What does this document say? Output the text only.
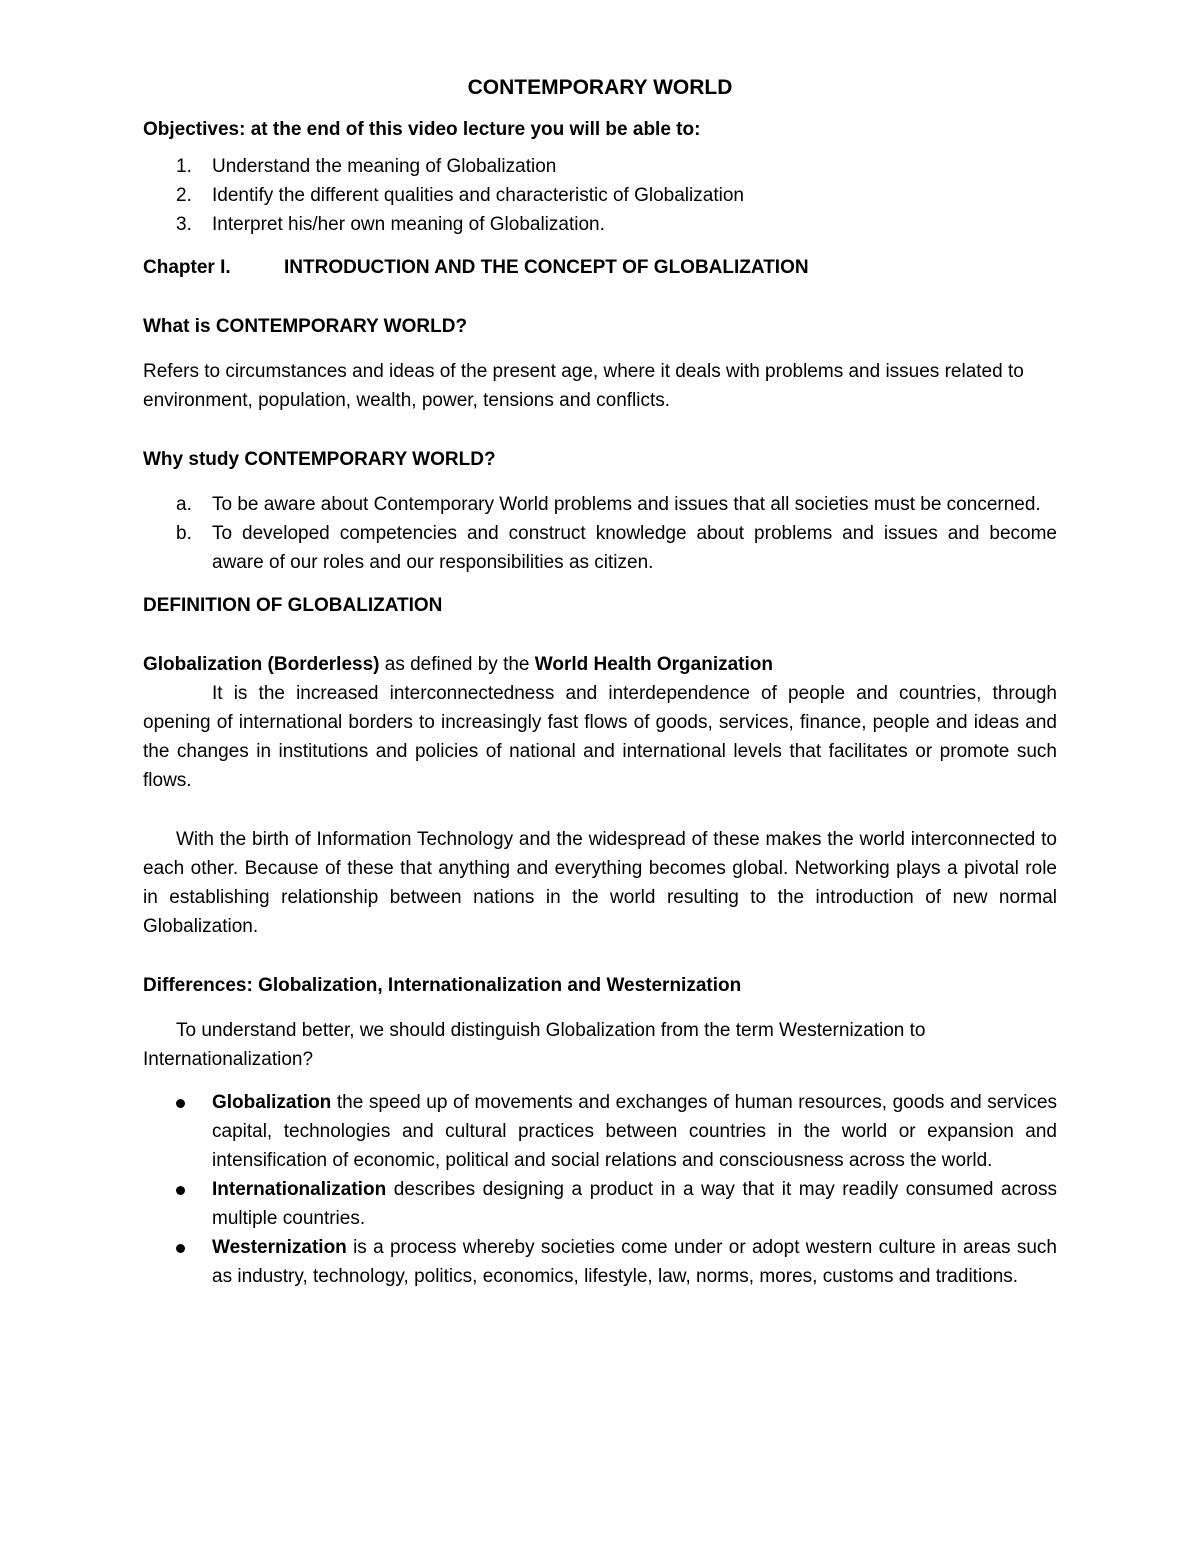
CONTEMPORARY WORLD

Objectives: at the end of this video lecture you will be able to:

1. Understand the meaning of Globalization
2. Identify the different qualities and characteristic of Globalization
3. Interpret his/her own meaning of Globalization.
Chapter I.	INTRODUCTION AND THE CONCEPT OF GLOBALIZATION

What is CONTEMPORARY WORLD?

Refers to circumstances and ideas of the present age, where it deals with problems and issues related to environment, population, wealth, power, tensions and conflicts.

Why study CONTEMPORARY WORLD?

a. To be aware about Contemporary World problems and issues that all societies must be concerned.
b. To developed competencies and construct knowledge about problems and issues and become aware of our roles and our responsibilities as citizen.

DEFINITION OF GLOBALIZATION

Globalization (Borderless) as defined by the World Health Organization

It is the increased interconnectedness and interdependence of people and countries, through opening of international borders to increasingly fast flows of goods, services, finance, people and ideas and the changes in institutions and policies of national and international levels that facilitates or promote such flows.

With the birth of Information Technology and the widespread of these makes the world interconnected to each other. Because of these that anything and everything becomes global. Networking plays a pivotal role in establishing relationship between nations in the world resulting to the introduction of new normal Globalization.

Differences: Globalization, Internationalization and Westernization

To understand better, we should distinguish Globalization from the term Westernization to Internationalization?

Globalization the speed up of movements and exchanges of human resources, goods and services capital, technologies and cultural practices between countries in the world or expansion and intensification of economic, political and social relations and consciousness across the world.
Internationalization describes designing a product in a way that it may readily consumed across multiple countries.
Westernization is a process whereby societies come under or adopt western culture in areas such as industry, technology, politics, economics, lifestyle, law, norms, mores, customs and traditions.
